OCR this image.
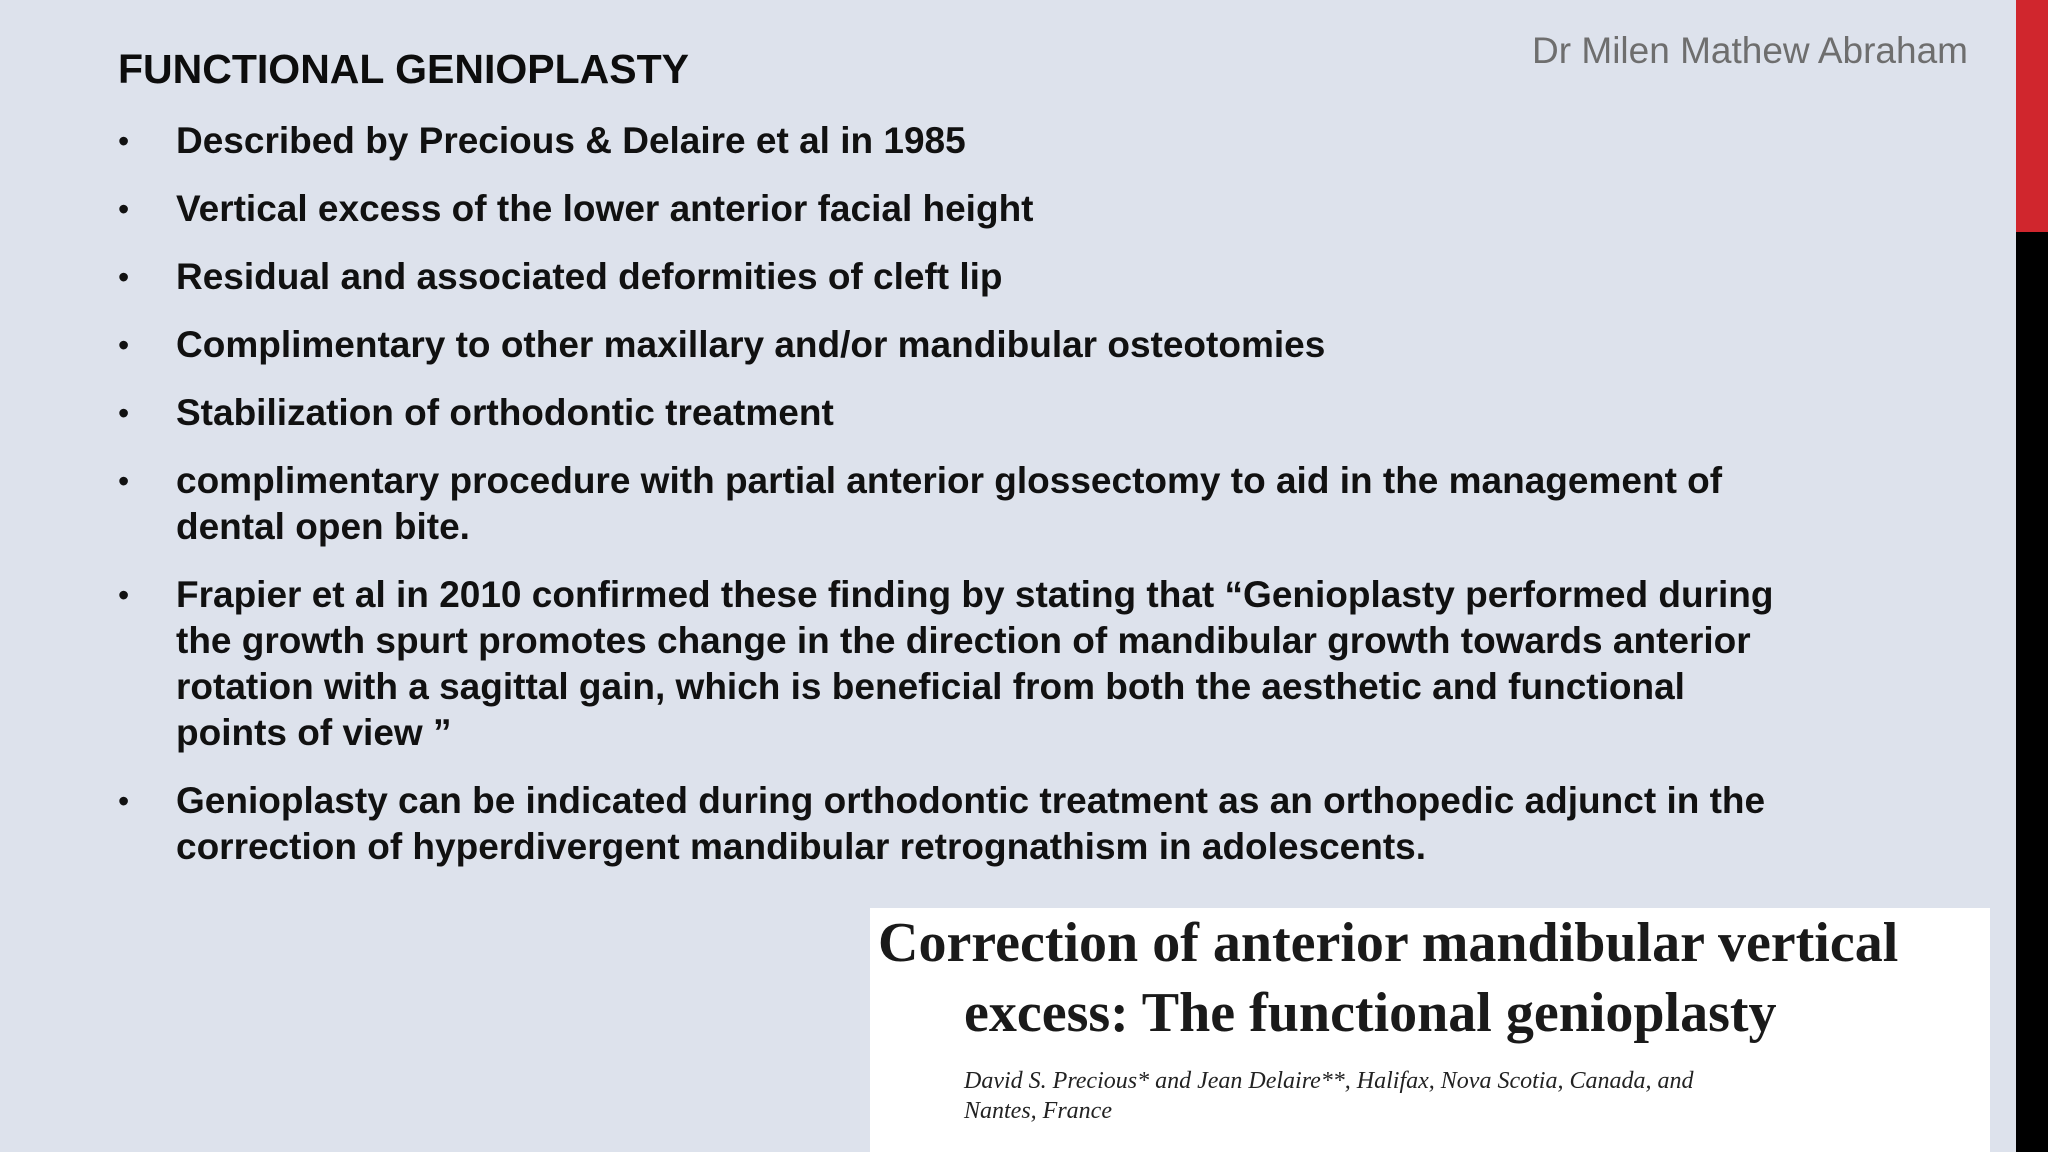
Dr Milen Mathew Abraham
FUNCTIONAL GENIOPLASTY
• Described by Precious & Delaire et al in 1985
• Vertical excess of the lower anterior facial height
• Residual and associated deformities of cleft lip
• Complimentary to other maxillary and/or mandibular osteotomies
• Stabilization of orthodontic treatment
• complimentary procedure with partial anterior glossectomy to aid in the management of dental open bite.
• Frapier et al in 2010 confirmed these finding by stating that “Genioplasty performed during the growth spurt promotes change in the direction of mandibular growth towards anterior rotation with a sagittal gain, which is beneficial from both the aesthetic and functional points of view ”
• Genioplasty can be indicated during orthodontic treatment as an orthopedic adjunct in the correction of hyperdivergent mandibular retrognathism in adolescents.
Correction of anterior mandibular vertical
excess: The functional genioplasty
David S. Precious* and Jean Delaire**, Halifax, Nova Scotia, Canada, and
Nantes, France
